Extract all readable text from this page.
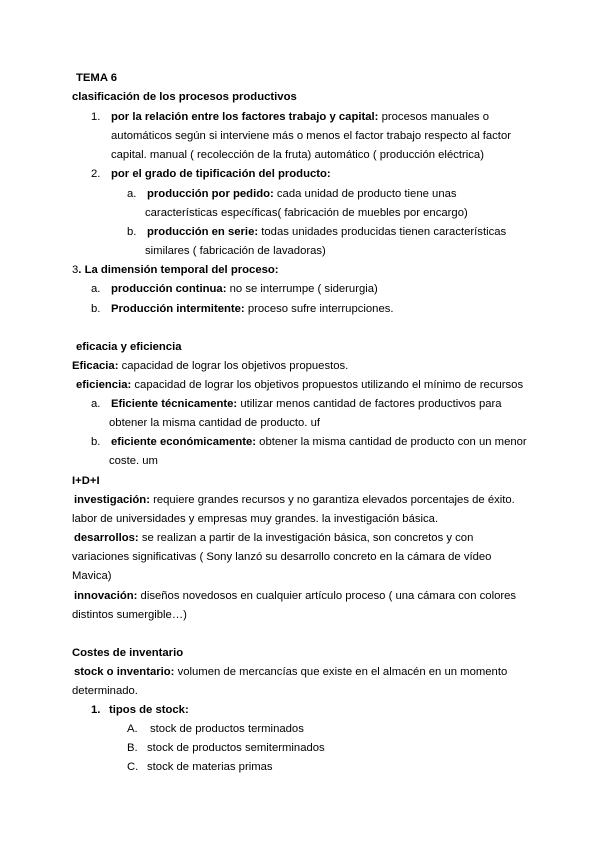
TEMA 6
clasificación de los procesos productivos
1. por la relación entre los factores trabajo y capital: procesos manuales o
automáticos según si interviene más o menos el factor trabajo respecto al factor
capital. manual ( recolección de la fruta) automático ( producción eléctrica)
2. por el grado de tipificación del producto:
a. producción por pedido: cada unidad de producto tiene unas
características específicas( fabricación de muebles por encargo)
b. producción en serie: todas unidades producidas tienen características
similares ( fabricación de lavadoras)
3. La dimensión temporal del proceso:
a. producción continua: no se interrumpe ( siderurgia)
b. Producción intermitente: proceso sufre interrupciones.
eficacia y eficiencia
Eficacia: capacidad de lograr los objetivos propuestos.
eficiencia: capacidad de lograr los objetivos propuestos utilizando el mínimo de recursos
a. Eficiente técnicamente: utilizar menos cantidad de factores productivos para
obtener la misma cantidad de producto. uf
b. eficiente económicamente: obtener la misma cantidad de producto con un menor
coste. um
I+D+I
investigación: requiere grandes recursos y no garantiza elevados porcentajes de éxito.
labor de universidades y empresas muy grandes. la investigación básica.
desarrollos: se realizan a partir de la investigación básica, son concretos y con
variaciones significativas ( Sony lanzó su desarrollo concreto en la cámara de vídeo
Mavica)
innovación: diseños novedosos en cualquier artículo proceso ( una cámara con colores
distintos sumergible…)
Costes de inventario
stock o inventario: volumen de mercancías que existe en el almacén en un momento
determinado.
1. tipos de stock:
A. stock de productos terminados
B. stock de productos semiterminados
C. stock de materias primas
